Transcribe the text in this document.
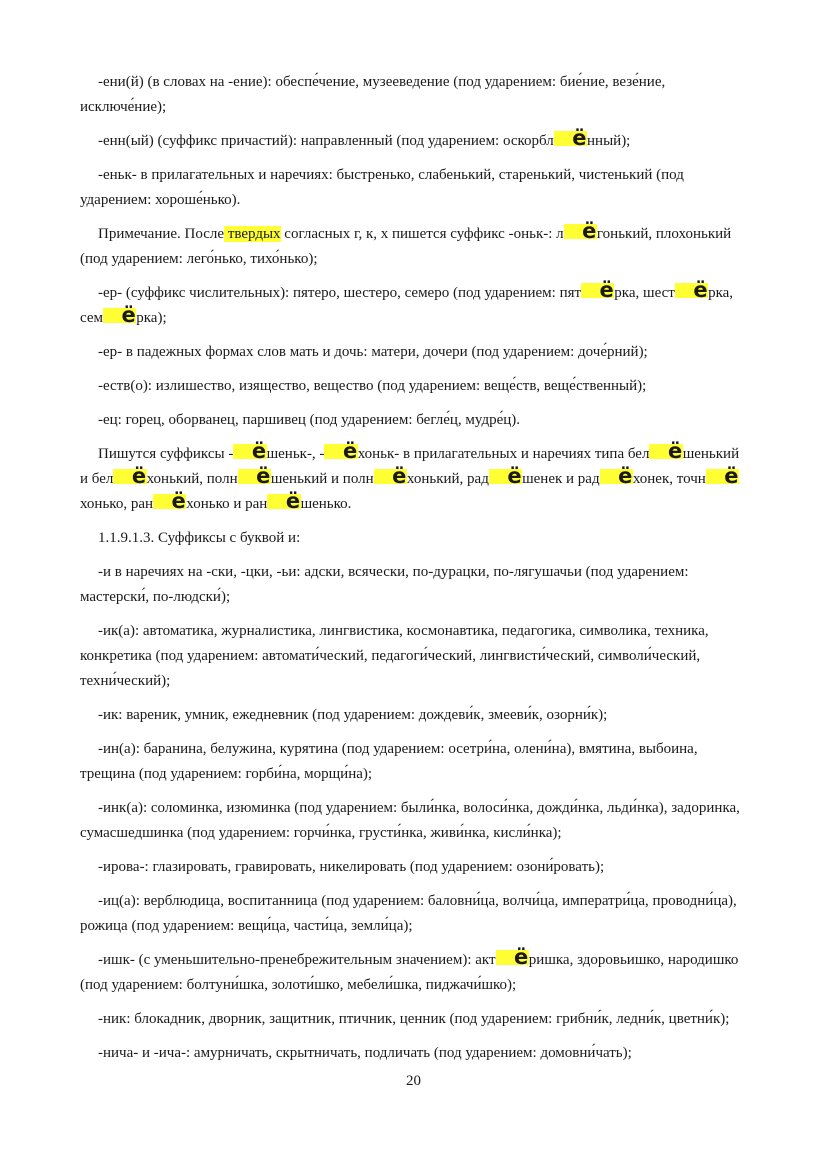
-ени(й) (в словах на -ение): обеспе́чение, музееведение (под ударением: бие́ние, везе́ние, исключе́ние);

-енн(ый) (суффикс причастий): направленный (под ударением: оскорбл ённый);

-еньк- в прилагательных и наречиях: быстренько, слабенький, старенький, чистенький (под ударением: хороше́нько).

Примечание. После твердых согласных г, к, х пишется суффикс -оньк-: л ёгонький, плохонький (под ударением: лего́нько, тихо́нько);

-ер- (суффикс числительных): пятеро, шестеро, семеро (под ударением: пят ёрка, шест ёрка, сем ёрка);

-ер- в падежных формах слов мать и дочь: матери, дочери (под ударением: доче́рний);

-еств(о): излишество, изящество, вещество (под ударением: веще́ств, веще́ственный);

-ец: горец, оборванец, паршивец (под ударением: бегле́ц, мудре́ц).

Пишутся суффиксы - ёшеньк-, - ёхоньк- в прилагательных и наречиях типа бел ёшенький и бел ёхонький, полн ёшенький и полн ёхонький, рад ёшенек и рад ёхонек, точн ёхонько, ран ёхонько и ран ёшенько.

1.1.9.1.3. Суффиксы с буквой и:

-и в наречиях на -ски, -цки, -ьи: адски, всячески, по-дурацки, по-лягушачьи (под ударением: мастерски́, по-людски́);

-ик(а): автоматика, журналистика, лингвистика, космонавтика, педагогика, символика, техника, конкретика (под ударением: автомати́ческий, педагоги́ческий, лингвисти́ческий, символи́ческий, техни́ческий);

-ик: вареник, умник, ежедневник (под ударением: дождеви́к, змееви́к, озорни́к);

-ин(а): баранина, белужина, курятина (под ударением: осетри́на, олени́на), вмятина, выбоина, трещина (под ударением: горби́на, морщи́на);

-инк(а): соломинка, изюминка (под ударением: были́нка, волоси́нка, дожди́нка, льди́нка), задоринка, сумасшедшинка (под ударением: горчи́нка, грусти́нка, живи́нка, кисли́нка);

-ирова-: глазировать, гравировать, никелировать (под ударением: озони́ровать);

-иц(а): верблюдица, воспитанница (под ударением: баловни́ца, волчи́ца, императри́ца, проводни́ца), рожица (под ударением: вещи́ца, части́ца, земли́ца);

-ишк- (с уменьшительно-пренебрежительным значением): акт ёришка, здоровьишко, народишко (под ударением: болтуни́шка, золоти́шко, мебели́шка, пиджачи́шко);

-ник: блокадник, дворник, защитник, птичник, ценник (под ударением: грибни́к, ледни́к, цветни́к);

-нича- и -ича-: амурничать, скрытничать, подличать (под ударением: домовни́чать);

20
